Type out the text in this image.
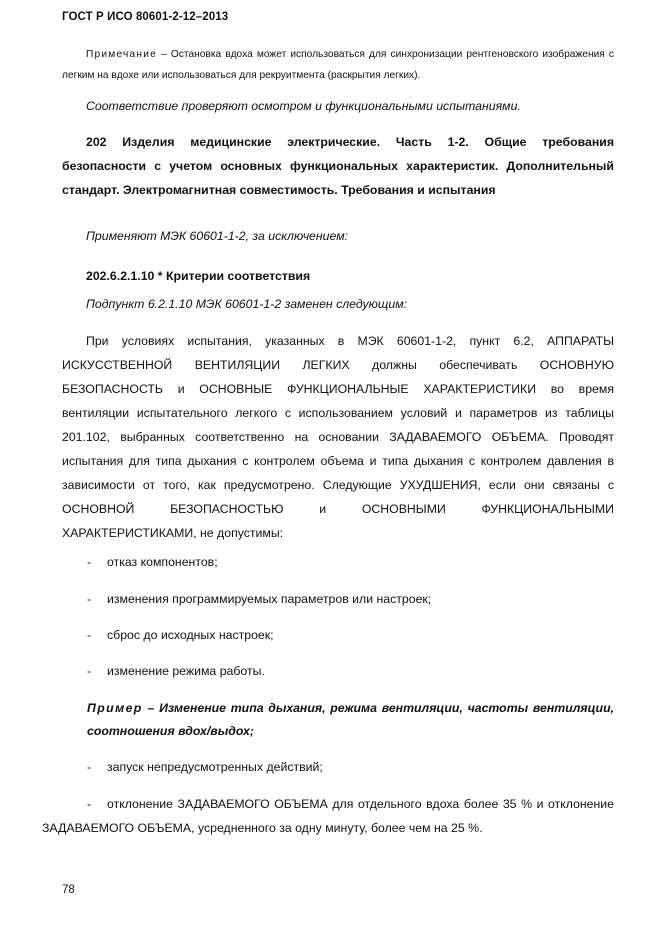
ГОСТ Р ИСО 80601-2-12–2013
Примечание – Остановка вдоха может использоваться для синхронизации рентгеновского изображения с легким на вдохе или использоваться для рекруитмента (раскрытия легких).
Соответствие проверяют осмотром и функциональными испытаниями.
202 Изделия медицинские электрические. Часть 1-2. Общие требования безопасности с учетом основных функциональных характеристик. Дополнительный стандарт. Электромагнитная совместимость. Требования и испытания
Применяют МЭК 60601-1-2, за исключением:
202.6.2.1.10 * Критерии соответствия
Подпункт 6.2.1.10 МЭК 60601-1-2 заменен следующим:
При условиях испытания, указанных в МЭК 60601-1-2, пункт 6.2, АППАРАТЫ ИСКУССТВЕННОЙ ВЕНТИЛЯЦИИ ЛЕГКИХ должны обеспечивать ОСНОВНУЮ БЕЗОПАСНОСТЬ и ОСНОВНЫЕ ФУНКЦИОНАЛЬНЫЕ ХАРАКТЕРИСТИКИ во время вентиляции испытательного легкого с использованием условий и параметров из таблицы 201.102, выбранных соответственно на основании ЗАДАВАЕМОГО ОБЪЕМА. Проводят испытания для типа дыхания с контролем объема и типа дыхания с контролем давления в зависимости от того, как предусмотрено. Следующие УХУДШЕНИЯ, если они связаны с ОСНОВНОЙ БЕЗОПАСНОСТЬЮ и ОСНОВНЫМИ ФУНКЦИОНАЛЬНЫМИ ХАРАКТЕРИСТИКАМИ, не допустимы:
- отказ компонентов;
- изменения программируемых параметров или настроек;
- сброс до исходных настроек;
- изменение режима работы.
Пример – Изменение типа дыхания, режима вентиляции, частоты вентиляции, соотношения вдох/выдох;
- запуск непредусмотренных действий;
- отклонение ЗАДАВАЕМОГО ОБЪЕМА для отдельного вдоха более 35 % и отклонение ЗАДАВАЕМОГО ОБЪЕМА, усредненного за одну минуту, более чем на 25 %.
78
